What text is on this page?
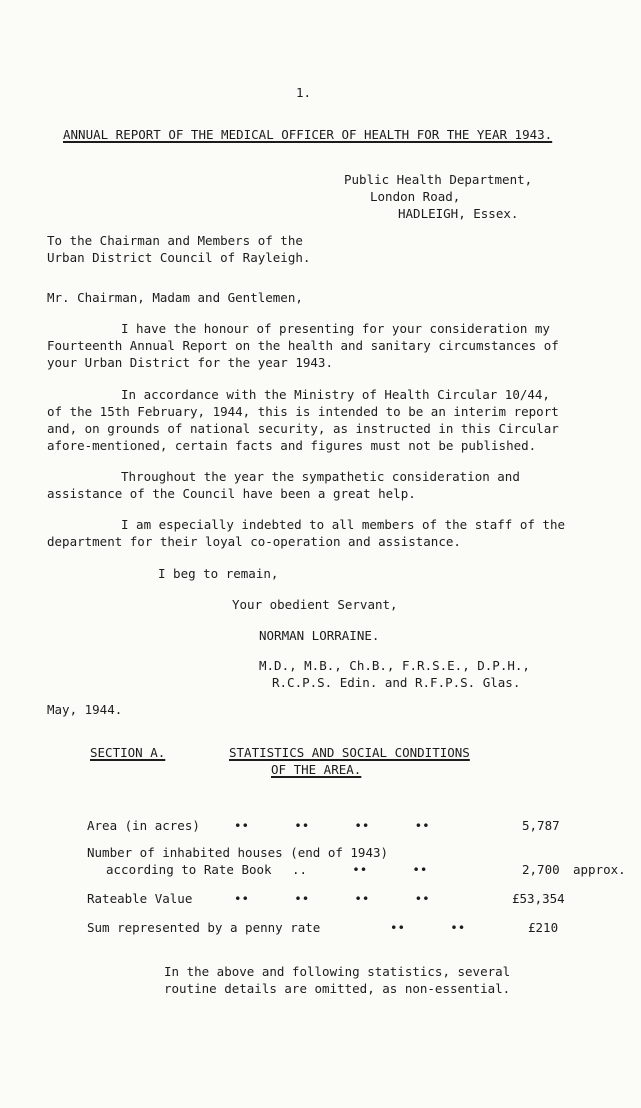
1.
ANNUAL REPORT OF THE MEDICAL OFFICER OF HEALTH FOR THE YEAR 1943.
Public Health Department,
London Road,
HADLEIGH, Essex.
To the Chairman and Members of the
Urban District Council of Rayleigh.
Mr. Chairman, Madam and Gentlemen,
I have the honour of presenting for your consideration my
Fourteenth Annual Report on the health and sanitary circumstances of
your Urban District for the year 1943.
In accordance with the Ministry of Health Circular 10/44,
of the 15th February, 1944, this is intended to be an interim report
and, on grounds of national security, as instructed in this Circular
afore-mentioned, certain facts and figures must not be published.
Throughout the year the sympathetic consideration and
assistance of the Council have been a great help.
I am especially indebted to all members of the staff of the
department for their loyal co-operation and assistance.
I beg to remain,
Your obedient Servant,
NORMAN LORRAINE.
M.D., M.B., Ch.B., F.R.S.E., D.P.H.,
R.C.P.S. Edin. and R.F.P.S. Glas.
May, 1944.
SECTION A.	STATISTICS AND SOCIAL CONDITIONS
OF THE AREA.
Area (in acres)	••      ••      ••      ••	5,787
Number of inhabited houses (end of 1943)
according to Rate Book ..      ••      ••	2,700 approx.
Rateable Value	••      ••      ••      ••	£53,354
Sum represented by a penny rate	••      ••	£210
In the above and following statistics, several
routine details are omitted, as non-essential.
